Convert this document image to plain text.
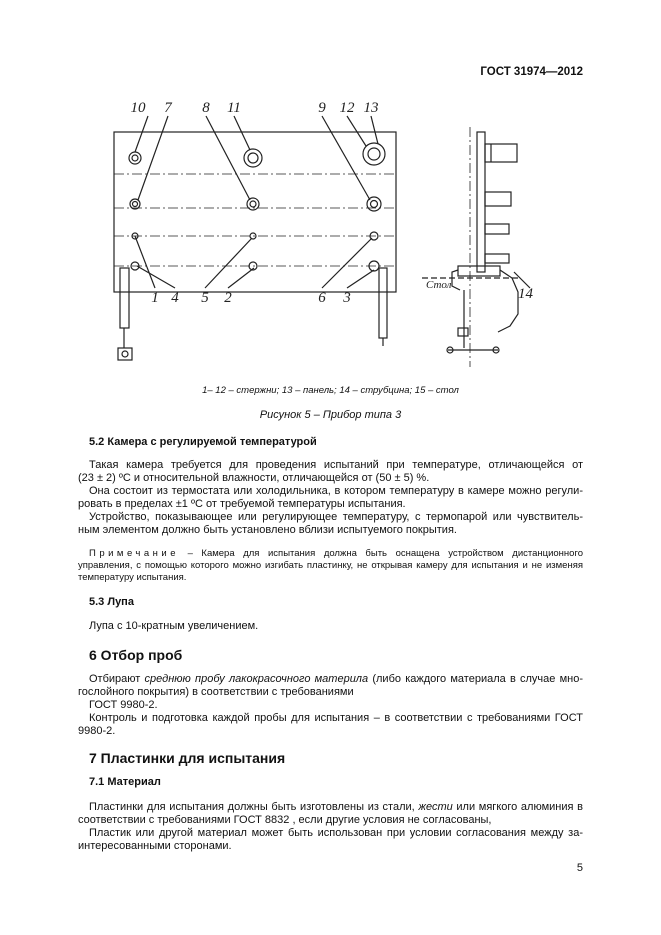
ГОСТ 31974—2012
10 7 8 11	9 12 13
1 4 5 2	6 3	14
Стол
1– 12 – стержни; 13 – панель; 14 – струбцина; 15 – стол
Рисунок 5 – Прибор типа 3
5.2 Камера с регулируемой температурой
Такая камера требуется для проведения испытаний при температуре, отличающейся от
(23 ± 2) ºC и относительной влажности, отличающейся от (50 ± 5) %.
Она состоит из термостата или холодильника, в котором температуру в камере можно регули-
ровать в пределах ±1 ºC от требуемой температуры испытания.
Устройство, показывающее или регулирующее температуру, с термопарой или чувствитель-
ным элементом должно быть установлено вблизи испытуемого покрытия.
Примечание – Камера для испытания должна быть оснащена устройством дистанционного
управления, с помощью которого можно изгибать пластинку, не открывая камеру для испытания и не изменяя
температуру испытания.
5.3 Лупа
Лупа с 10-кратным увеличением.
6 Отбор проб
Отбирают среднюю пробу лакокрасочного материла (либо каждого материала в случае мно-
гослойного покрытия) в соответствии с требованиями
ГОСТ 9980-2.
Контроль и подготовка каждой пробы для испытания – в соответствии с требованиями ГОСТ
9980-2.
7 Пластинки для испытания
7.1 Материал
Пластинки для испытания должны быть изготовлены из стали, жести или мягкого алюминия в
соответствии с требованиями ГОСТ 8832 , если другие условия не согласованы,
Пластик или другой материал может быть использован при условии согласования между за-
интересованными сторонами.
5
